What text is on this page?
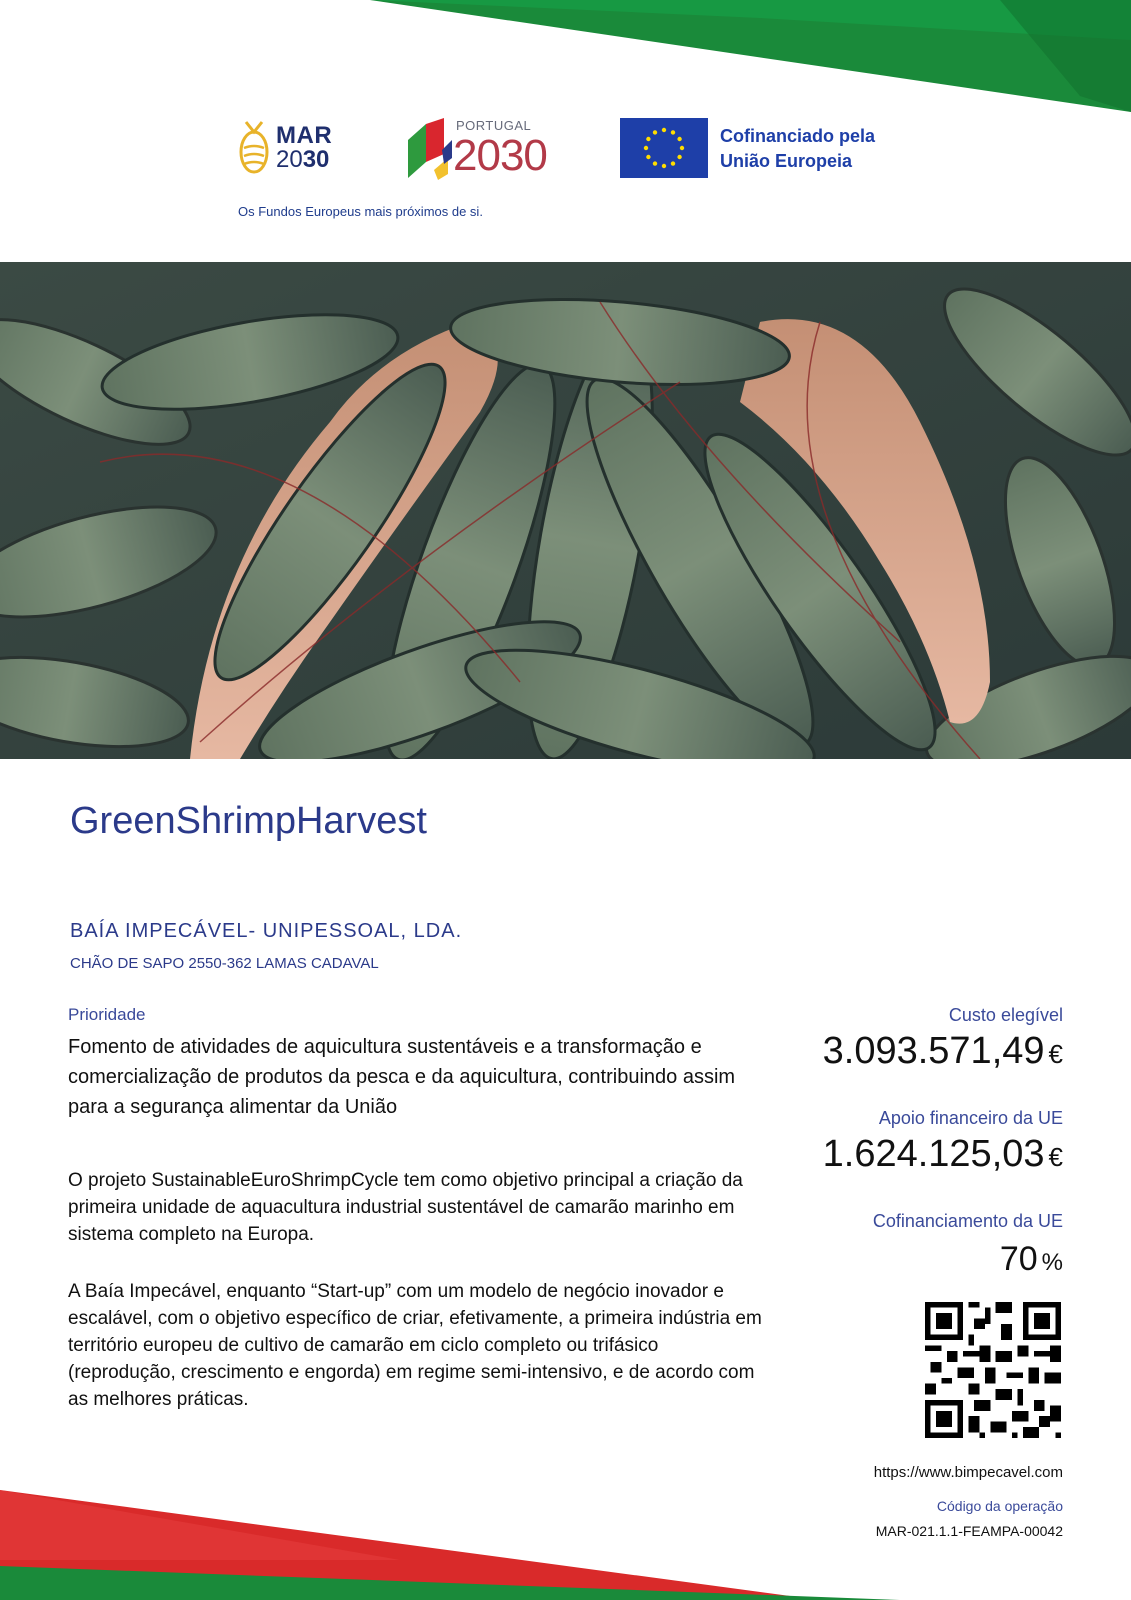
MAR
2030
Os Fundos Europeus mais próximos de si.
PORTUGAL
2030	Cofinanciado pela
União Europeia
GreenShrimpHarvest
BAÍA IMPECÁVEL- UNIPESSOAL, LDA.
CHÃO DE SAPO 2550-362 LAMAS CADAVAL
Prioridade
Fomento de atividades de aquicultura sustentáveis e a transformação e comercialização de produtos da pesca e da aquicultura, contribuindo assim para a segurança alimentar da União
O projeto SustainableEuroShrimpCycle tem como objetivo principal a criação da primeira unidade de aquacultura industrial sustentável de camarão marinho em sistema completo na Europa.
A Baía Impecável, enquanto “Start-up” com um modelo de negócio inovador e escalável, com o objetivo específico de criar, efetivamente, a primeira indústria em território europeu de cultivo de camarão em ciclo completo ou trifásico (reprodução, crescimento e engorda) em regime semi-intensivo, e de acordo com as melhores práticas.
Custo elegível
3.093.571,49 €
Apoio financeiro da UE
1.624.125,03 €
Cofinanciamento da UE
70 %
https://www.bimpecavel.com
Código da operação
MAR-021.1.1-FEAMPA-00042
